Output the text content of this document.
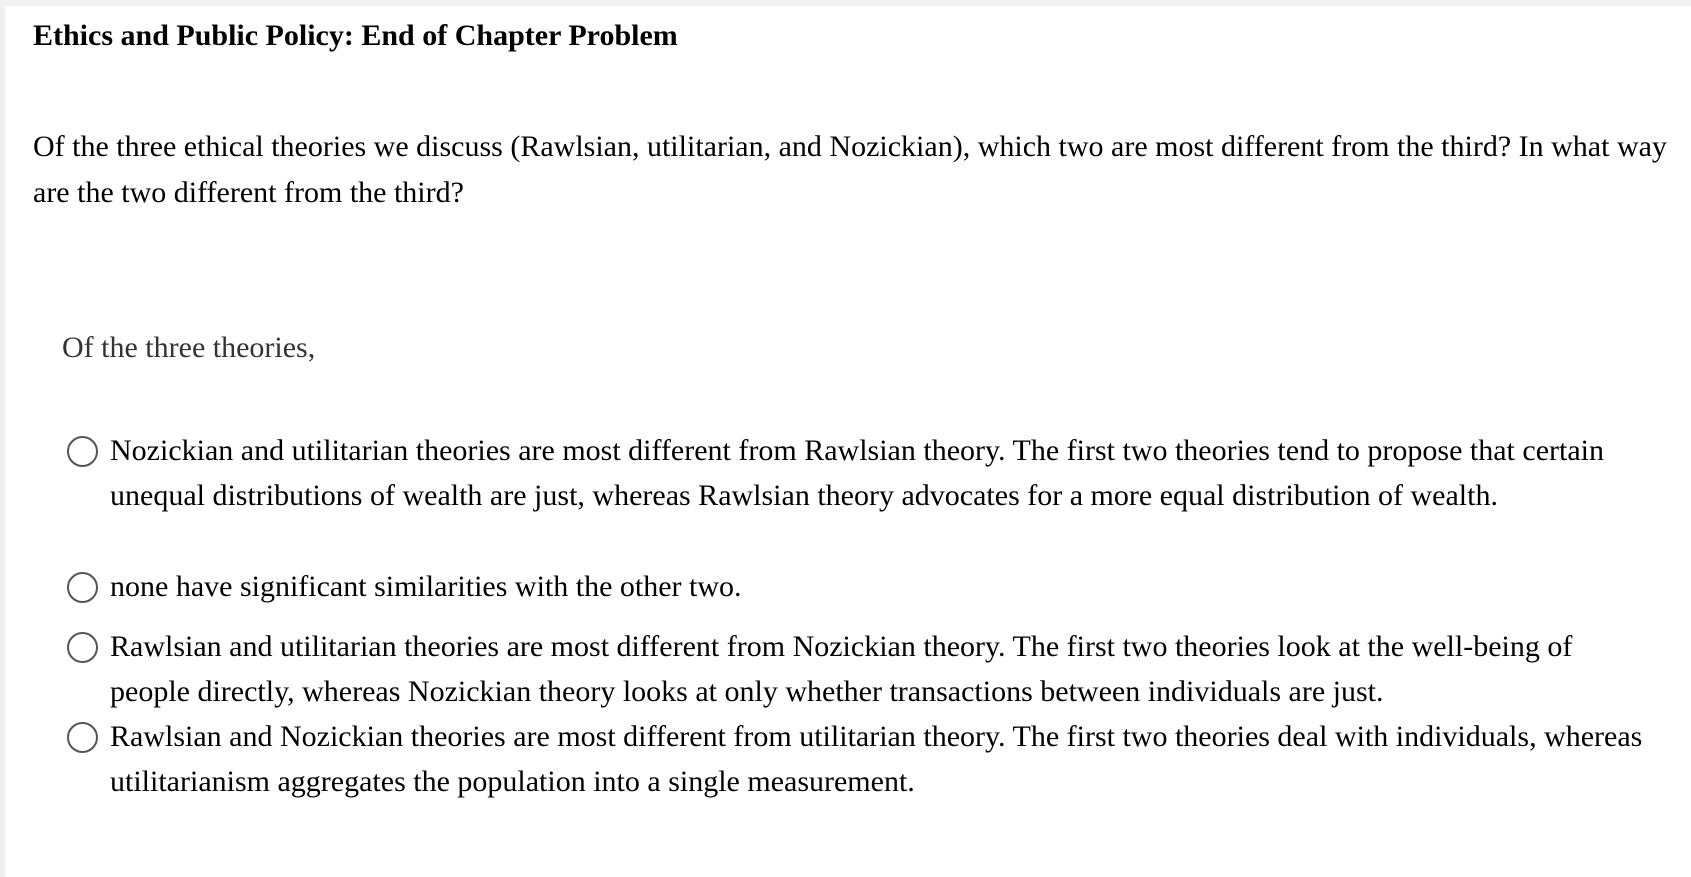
Ethics and Public Policy: End of Chapter Problem

Of the three ethical theories we discuss (Rawlsian, utilitarian, and Nozickian), which two are most different from the third? In what way are the two different from the third?

Of the three theories,

Nozickian and utilitarian theories are most different from Rawlsian theory. The first two theories tend to propose that certain unequal distributions of wealth are just, whereas Rawlsian theory advocates for a more equal distribution of wealth.
none have significant similarities with the other two.
Rawlsian and utilitarian theories are most different from Nozickian theory. The first two theories look at the well-being of people directly, whereas Nozickian theory looks at only whether transactions between individuals are just.
Rawlsian and Nozickian theories are most different from utilitarian theory. The first two theories deal with individuals, whereas utilitarianism aggregates the population into a single measurement.
